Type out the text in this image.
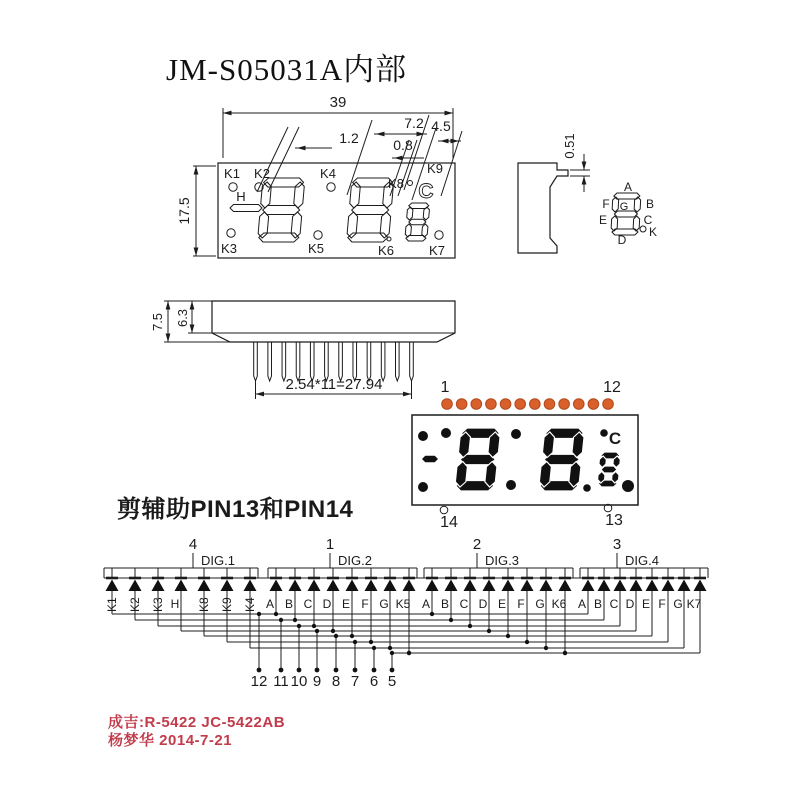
JM-S05031A内部
39
17.5
1.2
7.2
0.8
4.5
K1 K2
H
K3
K4
K5
K8 C
K9
K6	K7
0.51
A
F	B
G
E	C
D
K
7.5 6.3
2.54*11=27.94	1	12
C
14	13
4
DIG.1
K1 K2 K3 H K8 K9 K4
1
DIG.2
A B C D E F G K5
2
DIG.3
A B C D E F G K6
3
DIG.4
A B C D E F G K7
12 11 10 9 8 7 6 5
剪辅助PIN13和PIN14
成吉:R-5422 JC-5422AB
杨梦华 2014-7-21
